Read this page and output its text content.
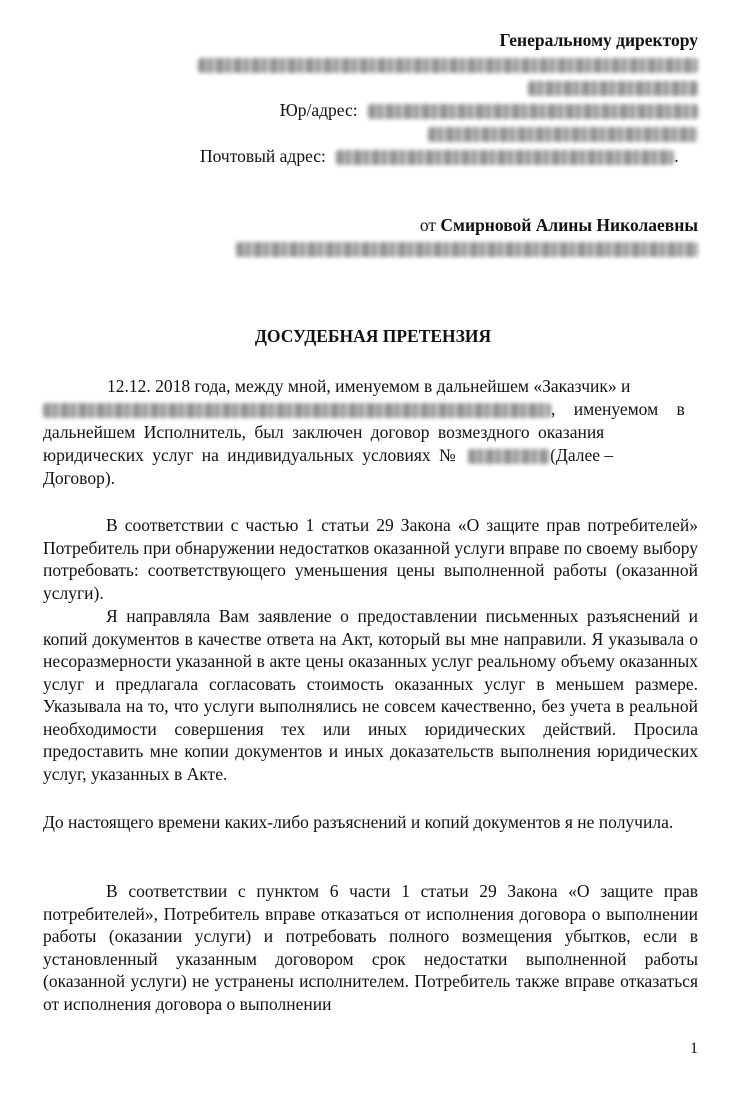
Генеральному директору
Юр/адрес:
Почтовый адрес:	.
от Смирновой Алины Николаевны
ДОСУДЕБНАЯ ПРЕТЕНЗИЯ
12.12. 2018 года, между мной, именуемом в дальнейшем «Заказчик» и
, именуемом в
дальнейшем Исполнитель, был заключен договор возмездного оказания
юридических услуг на индивидуальных условиях №	(Далее –
Договор).
В соответствии с частью 1 статьи 29 Закона «О защите прав потребителей» Потребитель при обнаружении недостатков оказанной услуги вправе по своему выбору потребовать: соответствующего уменьшения цены выполненной работы (оказанной услуги).
Я направляла Вам заявление о предоставлении письменных разъяснений и копий документов в качестве ответа на Акт, который вы мне направили. Я указывала о несоразмерности указанной в акте цены оказанных услуг реальному объему оказанных услуг и предлагала согласовать стоимость оказанных услуг в меньшем размере. Указывала на то, что услуги выполнялись не совсем качественно, без учета в реальной необходимости совершения тех или иных юридических действий. Просила предоставить мне копии документов и иных доказательств выполнения юридических услуг, указанных в Акте.
До настоящего времени каких-либо разъяснений и копий документов я не получила.
В соответствии с пунктом 6 части 1 статьи 29 Закона «О защите прав потребителей», Потребитель вправе отказаться от исполнения договора о выполнении работы (оказании услуги) и потребовать полного возмещения убытков, если в установленный указанным договором срок недостатки выполненной работы (оказанной услуги) не устранены исполнителем. Потребитель также вправе отказаться от исполнения договора о выполнении
1
